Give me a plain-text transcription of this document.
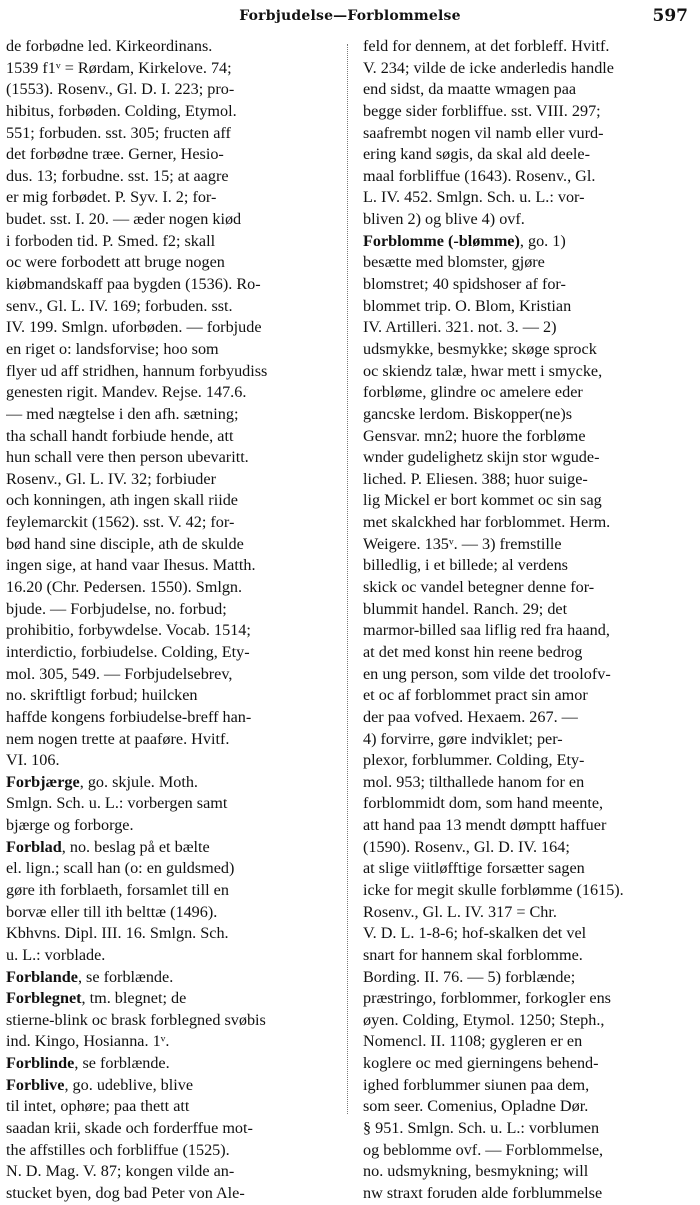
Forbjudelse—Forblommelse	597
de forbødne led. Kirkeordinans.
1539 f1ᵛ = Rørdam, Kirkelove. 74;
(1553). Rosenv., Gl. D. I. 223; pro-
hibitus, forbøden. Colding, Etymol.
551; forbuden. sst. 305; fructen aff
det forbødne træe. Gerner, Hesio-
dus. 13; forbudne. sst. 15; at aagre
er mig forbødet. P. Syv. I. 2; for-
budet. sst. I. 20. — æder nogen kiød
i forboden tid. P. Smed. f2; skall
oc were forbodett att bruge nogen
kiøbmandskaff paa bygden (1536). Ro-
senv., Gl. L. IV. 169; forbuden. sst.
IV. 199. Smlgn. uforbøden. — forbjude
en riget o: landsforvise; hoo som
flyer ud aff stridhen, hannum forbyudiss
genesten rigit. Mandev. Rejse. 147.6.
— med nægtelse i den afh. sætning;
tha schall handt forbiude hende, att
hun schall vere then person ubevaritt.
Rosenv., Gl. L. IV. 32; forbiuder
och konningen, ath ingen skall riide
feylemarckit (1562). sst. V. 42; for-
bød hand sine disciple, ath de skulde
ingen sige, at hand vaar Ihesus. Matth.
16.20 (Chr. Pedersen. 1550). Smlgn.
bjude. — Forbjudelse, no. forbud;
prohibitio, forbywdelse. Vocab. 1514;
interdictio, forbiudelse. Colding, Ety-
mol. 305, 549. — Forbjudelsebrev,
no. skriftligt forbud; huilcken
haffde kongens forbiudelse-breff han-
nem nogen trette at paaføre. Hvitf.
VI. 106.
Forbjærge, go. skjule. Moth.
Smlgn. Sch. u. L.: vorbergen samt
bjærge og forborge.
Forblad, no. beslag på et bælte
el. lign.; scall han (o: en guldsmed)
gøre ith forblaeth, forsamlet till en
borvæ eller till ith belttæ (1496).
Kbhvns. Dipl. III. 16. Smlgn. Sch.
u. L.: vorblade.
Forblande, se forblænde.
Forblegnet, tm. blegnet; de
stierne-blink oc brask forblegned svøbis
ind. Kingo, Hosianna. 1ᵛ.
Forblinde, se forblænde.
Forblive, go. udeblive, blive
til intet, ophøre; paa thett att
saadan krii, skade och forderffue mot-
the affstilles och forbliffue (1525).
N. D. Mag. V. 87; kongen vilde an-
stucket byen, dog bad Peter von Ale-
feld for dennem, at det forbleff. Hvitf.
V. 234; vilde de icke anderledis handle
end sidst, da maatte wmagen paa
begge sider forbliffue. sst. VIII. 297;
saafrembt nogen vil namb eller vurd-
ering kand søgis, da skal ald deele-
maal forbliffue (1643). Rosenv., Gl.
L. IV. 452. Smlgn. Sch. u. L.: vor-
bliven 2) og blive 4) ovf.
Forblomme (-blømme), go. 1)
besætte med blomster, gjøre
blomstret; 40 spidshoser af for-
blommet trip. O. Blom, Kristian
IV. Artilleri. 321. not. 3. — 2)
udsmykke, besmykke; skøge sprock
oc skiendz talæ, hwar mett i smycke,
forbløme, glindre oc amelere eder
gancske lerdom. Biskopper(ne)s
Gensvar. mn2; huore the forbløme
wnder gudelighetz skijn stor wgude-
liched. P. Eliesen. 388; huor suige-
lig Mickel er bort kommet oc sin sag
met skalckhed har forblommet. Herm.
Weigere. 135ᵛ. — 3) fremstille
billedlig, i et billede; al verdens
skick oc vandel betegner denne for-
blummit handel. Ranch. 29; det
marmor-billed saa liflig red fra haand,
at det med konst hin reene bedrog
en ung person, som vilde det troolofv-
et oc af forblommet pract sin amor
der paa vofved. Hexaem. 267. —
4) forvirre, gøre indviklet; per-
plexor, forblummer. Colding, Ety-
mol. 953; tilthallede hanom for en
forblommidt dom, som hand meente,
att hand paa 13 mendt dømptt haffuer
(1590). Rosenv., Gl. D. IV. 164;
at slige viitløfftige forsætter sagen
icke for megit skulle forblømme (1615).
Rosenv., Gl. L. IV. 317 = Chr.
V. D. L. 1-8-6; hof-skalken det vel
snart for hannem skal forblomme.
Bording. II. 76. — 5) forblænde;
præstringo, forblommer, forkogler ens
øyen. Colding, Etymol. 1250; Steph.,
Nomencl. II. 1108; gygleren er en
koglere oc med gierningens behend-
ighed forblummer siunen paa dem,
som seer. Comenius, Opladne Dør.
§ 951. Smlgn. Sch. u. L.: vorblumen
og beblomme ovf. — Forblommelse,
no. udsmykning, besmykning; will
nw straxt foruden alde forblummelse
